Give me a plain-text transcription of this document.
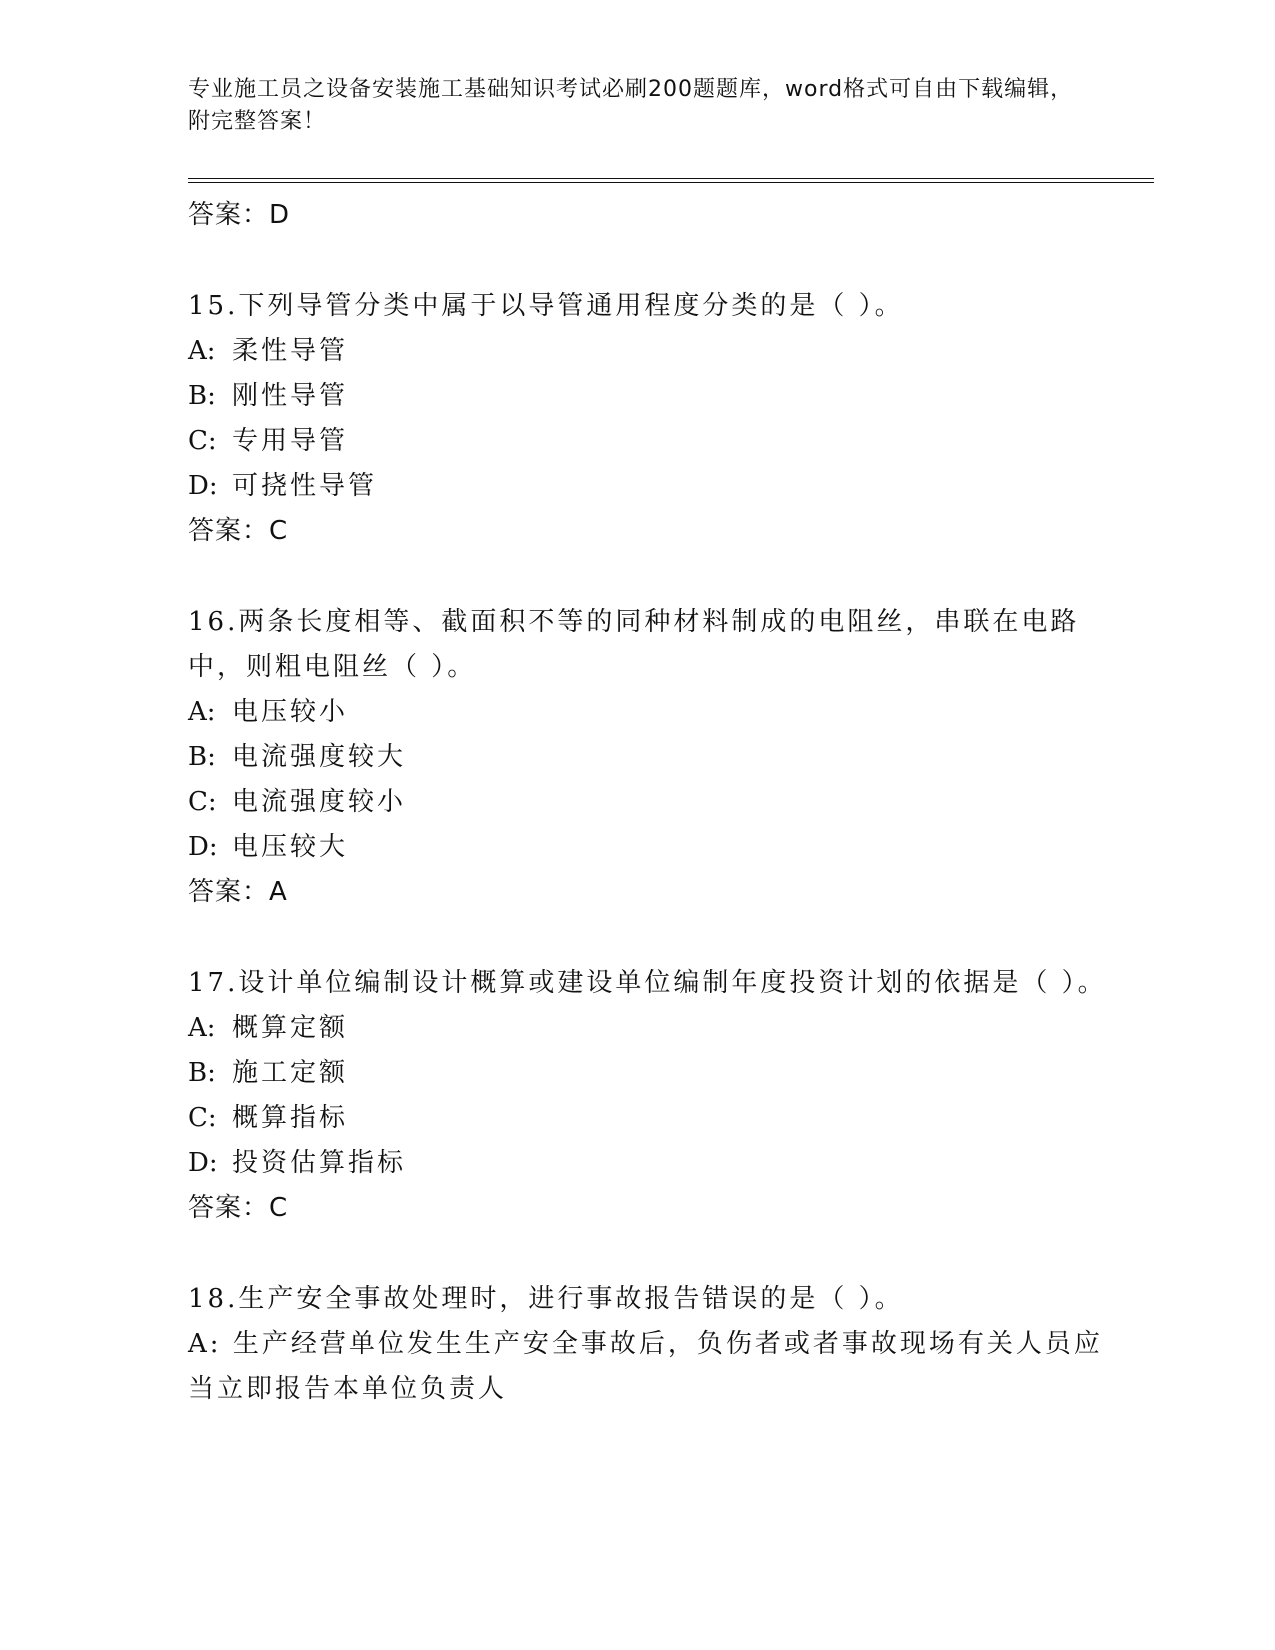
专业施工员之设备安装施工基础知识考试必刷200题题库，word格式可自由下载编辑，附完整答案！
答案：D

15.下列导管分类中属于以导管通用程度分类的是（ ）。

A: 柔性导管
B: 刚性导管
C: 专用导管
D: 可挠性导管
答案：C

16.两条长度相等、截面积不等的同种材料制成的电阻丝，串联在电路中，则粗电阻丝（ ）。

A: 电压较小
B: 电流强度较大
C: 电流强度较小
D: 电压较大
答案：A

17.设计单位编制设计概算或建设单位编制年度投资计划的依据是（ ）。

A: 概算定额
B: 施工定额
C: 概算指标
D: 投资估算指标
答案：C

18.生产安全事故处理时，进行事故报告错误的是（ ）。

A: 生产经营单位发生生产安全事故后，负伤者或者事故现场有关人员应当立即报告本单位负责人
